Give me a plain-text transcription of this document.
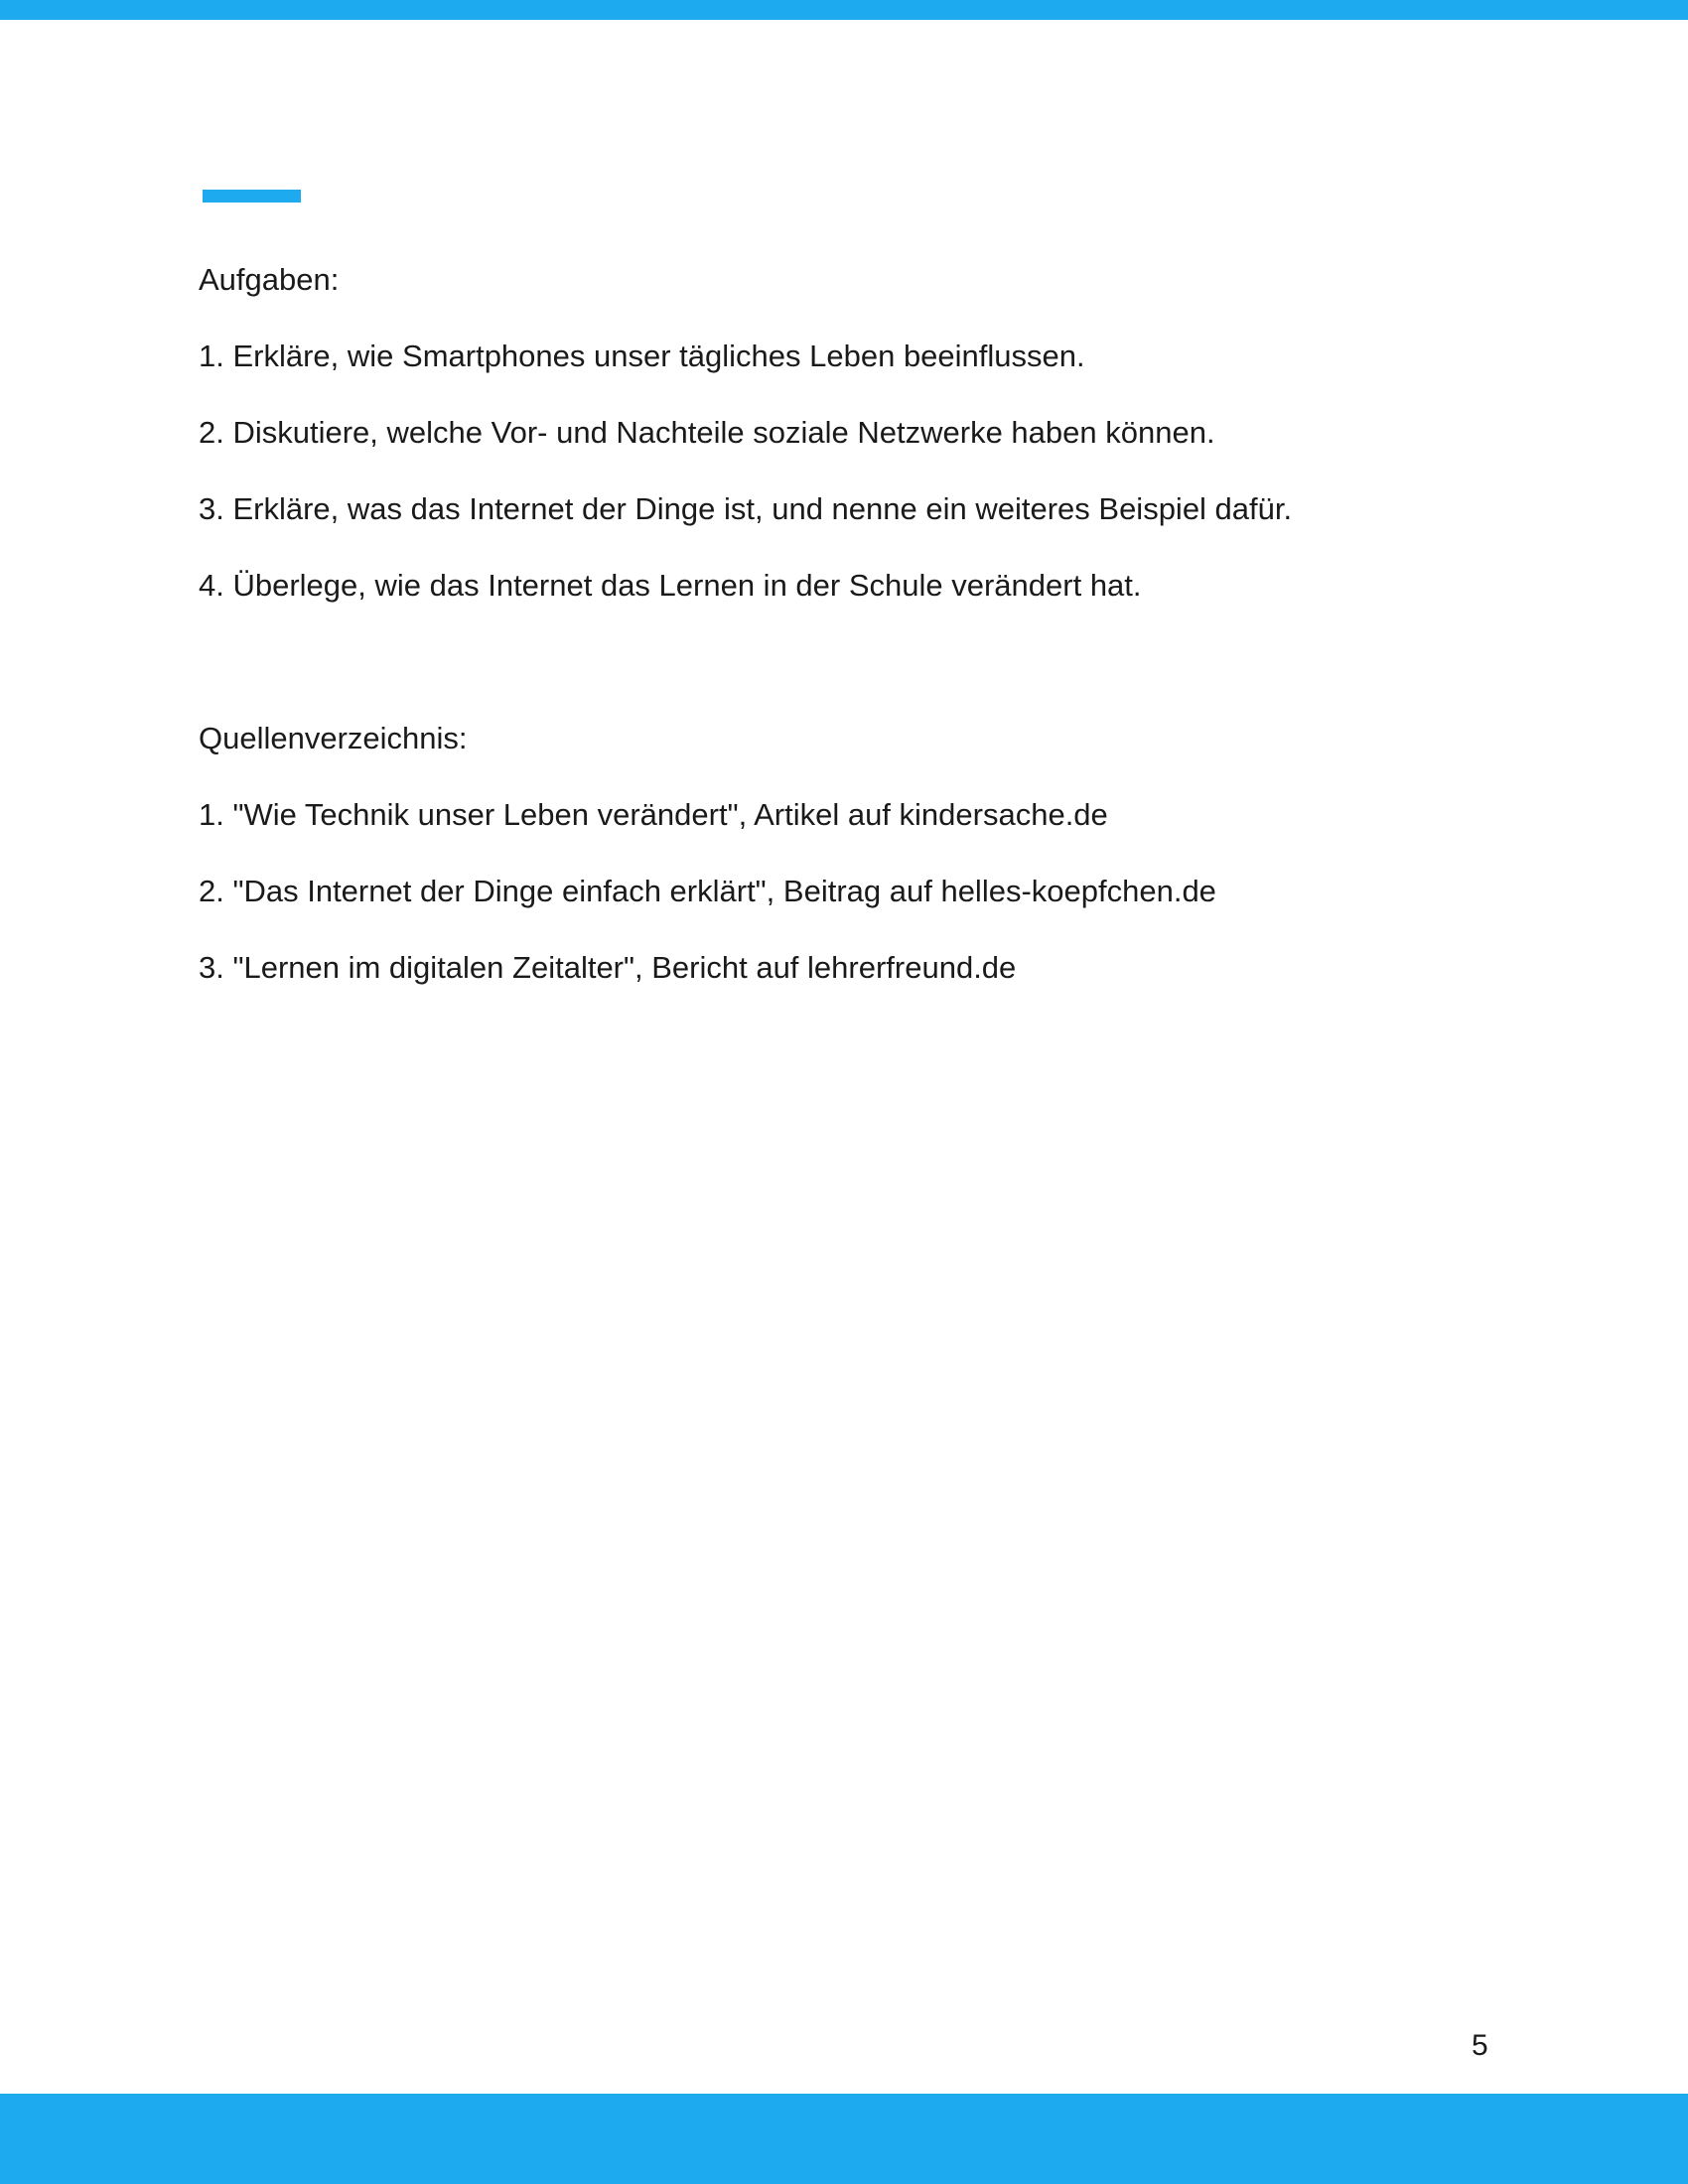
Aufgaben:
1. Erkläre, wie Smartphones unser tägliches Leben beeinflussen.
2. Diskutiere, welche Vor- und Nachteile soziale Netzwerke haben können.
3. Erkläre, was das Internet der Dinge ist, und nenne ein weiteres Beispiel dafür.
4. Überlege, wie das Internet das Lernen in der Schule verändert hat.
Quellenverzeichnis:
1. "Wie Technik unser Leben verändert", Artikel auf kindersache.de
2. "Das Internet der Dinge einfach erklärt", Beitrag auf helles-koepfchen.de
3. "Lernen im digitalen Zeitalter", Bericht auf lehrerfreund.de
5
